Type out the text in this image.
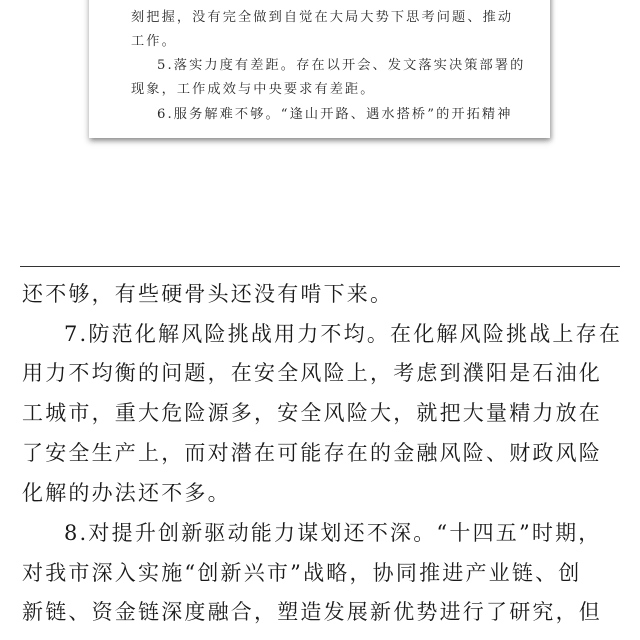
刻把握，没有完全做到自觉在大局大势下思考问题、推动
工作。
5.落实力度有差距。存在以开会、发文落实决策部署的
现象，工作成效与中央要求有差距。
6.服务解难不够。“逢山开路、遇水搭桥”的开拓精神
还不够，有些硬骨头还没有啃下来。
7.防范化解风险挑战用力不均。在化解风险挑战上存在
用力不均衡的问题，在安全风险上，考虑到濮阳是石油化
工城市，重大危险源多，安全风险大，就把大量精力放在
了安全生产上，而对潜在可能存在的金融风险、财政风险
化解的办法还不多。
8.对提升创新驱动能力谋划还不深。“十四五”时期，
对我市深入实施“创新兴市”战略，协同推进产业链、创
新链、资金链深度融合，塑造发展新优势进行了研究，但
